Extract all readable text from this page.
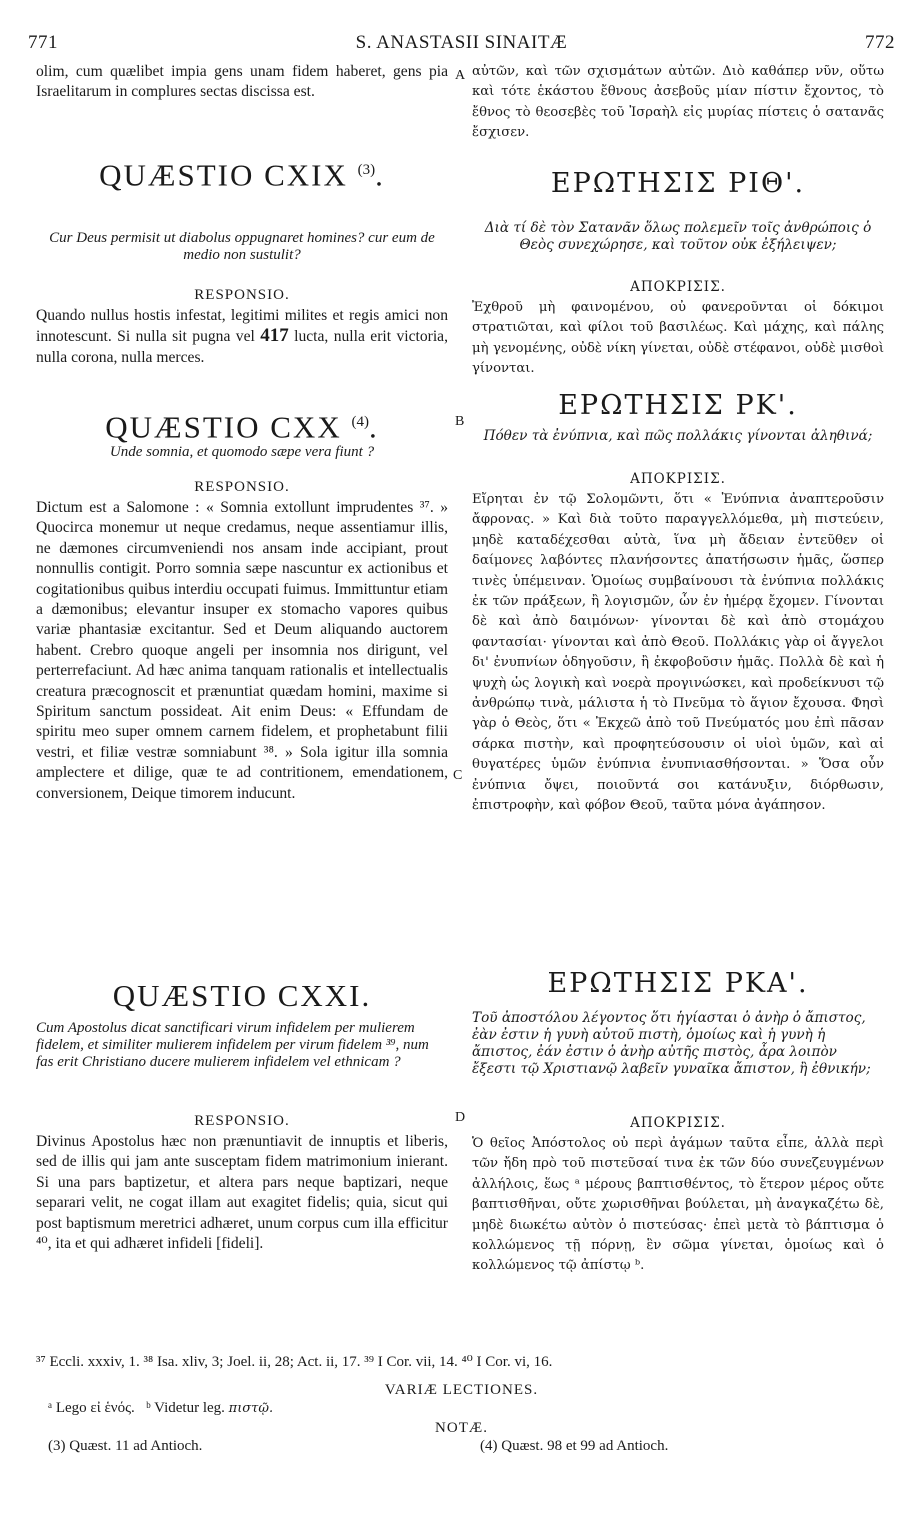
771	S. ANASTASII SINAITÆ	772

olim, cum quælibet impia gens unam fidem haberet, gens pia Israelitarum in complures sectas discissa est.

QUÆSTIO CXIX $^{(3)}$.

Cur Deus permisit ut diabolus oppugnaret homines? cur eum de medio non sustulit?

RESPONSIO.

Quando nullus hostis infestat, legitimi milites et regis amici non innotescunt. Si nulla sit pugna vel 417 lucta, nulla erit victoria, nulla corona, nulla merces.

QUÆSTIO CXX $^{(4)}$.

Unde somnia, et quomodo sæpe vera fiunt ?

RESPONSIO.

Dictum est a Salomone : « Somnia extollunt imprudentes ³⁷. » Quocirca monemur ut neque credamus, neque assentiamur illis, ne dæmones circumveniendi nos ansam inde accipiant, prout nonnullis contigit. Porro somnia sæpe nascuntur ex actionibus et cogitationibus quibus interdiu occupati fuimus. Immittuntur etiam a dæmonibus; elevantur insuper ex stomacho vapores quibus variæ phantasiæ excitantur. Sed et Deum aliquando auctorem habent. Crebro quoque angeli per insomnia nos dirigunt, vel perterrefaciunt. Ad hæc anima tanquam rationalis et intellectualis creatura præcognoscit et prænuntiat quædam homini, maxime si Spiritum sanctum possideat. Ait enim Deus: « Effundam de spiritu meo super omnem carnem fidelem, et prophetabunt filii vestri, et filiæ vestræ somniabunt ³⁸. » Sola igitur illa somnia amplectere et dilige, quæ te ad contritionem, emendationem, conversionem, Deique timorem inducunt.

QUÆSTIO CXXI.

Cum Apostolus dicat sanctificari virum infidelem per mulierem fidelem, et similiter mulierem infidelem per virum fidelem ³⁹, num fas erit Christiano ducere mulierem infidelem vel ethnicam ?

RESPONSIO.

Divinus Apostolus hæc non prænuntiavit de innuptis et liberis, sed de illis qui jam ante susceptam fidem matrimonium inierant. Si una pars baptizetur, et altera pars neque baptizari, neque separari velit, ne cogat illam aut exagitet fidelis; quia, sicut qui post baptismum meretrici adhæret, unum corpus cum illa efficitur ⁴⁰, ita et qui adhæret infideli [fideli].

αὐτῶν, καὶ τῶν σχισμάτων αὐτῶν. Διὸ καθάπερ νῦν, οὕτω καὶ τότε ἑκάστου ἔθνους ἀσεβοῦς μίαν πίστιν ἔχοντος, τὸ ἔθνος τὸ θεοσεβὲς τοῦ Ἰσραὴλ εἰς μυρίας πίστεις ὁ σατανᾶς ἔσχισεν.

ΕΡΩΤΗΣΙΣ ΡΙΘ'.

Διὰ τί δὲ τὸν Σατανᾶν ὅλως πολεμεῖν τοῖς ἀνθρώποις ὁ Θεὸς συνεχώρησε, καὶ τοῦτον οὐκ ἐξήλειψεν;

ΑΠΟΚΡΙΣΙΣ.

Ἐχθροῦ μὴ φαινομένου, οὐ φανεροῦνται οἱ δόκιμοι στρατιῶται, καὶ φίλοι τοῦ βασιλέως. Καὶ μάχης, καὶ πάλης μὴ γενομένης, οὐδὲ νίκη γίνεται, οὐδὲ στέφανοι, οὐδὲ μισθοὶ γίνονται.

ΕΡΩΤΗΣΙΣ ΡΚ'.

Πόθεν τὰ ἐνύπνια, καὶ πῶς πολλάκις γίνονται ἀληθινά;

ΑΠΟΚΡΙΣΙΣ.

Εἴρηται ἐν τῷ Σολομῶντι, ὅτι « Ἐνύπνια ἀναπτεροῦσιν ἄφρονας. » Καὶ διὰ τοῦτο παραγγελλόμεθα, μὴ πιστεύειν, μηδὲ καταδέχεσθαι αὐτὰ, ἵνα μὴ ἄδειαν ἐντεῦθεν οἱ δαίμονες λαβόντες πλανήσοντες ἀπατήσωσιν ἡμᾶς, ὥσπερ τινὲς ὑπέμειναν. Ὁμοίως συμβαίνουσι τὰ ἐνύπνια πολλάκις ἐκ τῶν πράξεων, ἢ λογισμῶν, ὧν ἐν ἡμέρᾳ ἔχομεν. Γίνονται δὲ καὶ ἀπὸ δαιμόνων· γίνονται δὲ καὶ ἀπὸ στομάχου φαντασίαι· γίνονται καὶ ἀπὸ Θεοῦ. Πολλάκις γὰρ οἱ ἄγγελοι δι' ἐνυπνίων ὁδηγοῦσιν, ἢ ἐκφοβοῦσιν ἡμᾶς. Πολλὰ δὲ καὶ ἡ ψυχὴ ὡς λογικὴ καὶ νοερὰ προγινώσκει, καὶ προδείκνυσι τῷ ἀνθρώπῳ τινὰ, μάλιστα ἡ τὸ Πνεῦμα τὸ ἅγιον ἔχουσα. Φησὶ γὰρ ὁ Θεὸς, ὅτι « Ἐκχεῶ ἀπὸ τοῦ Πνεύματός μου ἐπὶ πᾶσαν σάρκα πιστὴν, καὶ προφητεύσουσιν οἱ υἱοὶ ὑμῶν, καὶ αἱ θυγατέρες ὑμῶν ἐνύπνια ἐνυπνιασθήσονται. » Ὅσα οὖν ἐνύπνια ὄψει, ποιοῦντά σοι κατάνυξιν, διόρθωσιν, ἐπιστροφὴν, καὶ φόβον Θεοῦ, ταῦτα μόνα ἀγάπησον.

ΕΡΩΤΗΣΙΣ ΡΚΑ'.

Τοῦ ἀποστόλου λέγοντος ὅτι ἡγίασται ὁ ἀνὴρ ὁ ἄπιστος, ἐὰν ἐστιν ἡ γυνὴ αὐτοῦ πιστὴ, ὁμοίως καὶ ἡ γυνὴ ἡ ἄπιστος, ἐάν ἐστιν ὁ ἀνὴρ αὐτῆς πιστὸς, ἆρα λοιπὸν ἔξεστι τῷ Χριστιανῷ λαβεῖν γυναῖκα ἄπιστον, ἢ ἐθνικήν;

ΑΠΟΚΡΙΣΙΣ.

Ὁ θεῖος Ἀπόστολος οὐ περὶ ἀγάμων ταῦτα εἶπε, ἀλλὰ περὶ τῶν ἤδη πρὸ τοῦ πιστεῦσαί τινα ἐκ τῶν δύο συνεζευγμένων ἀλλήλοις, ἕως ᵃ μέρους βαπτισθέντος, τὸ ἕτερον μέρος οὔτε βαπτισθῆναι, οὔτε χωρισθῆναι βούλεται, μὴ ἀναγκαζέτω δὲ, μηδὲ διωκέτω αὐτὸν ὁ πιστεύσας· ἐπεὶ μετὰ τὸ βάπτισμα ὁ κολλώμενος τῇ πόρνῃ, ἓν σῶμα γίνεται, ὁμοίως καὶ ὁ κολλώμενος τῷ ἀπίστῳ ᵇ.

A
B
C
D
³⁷ Eccli. xxxiv, 1. ³⁸ Isa. xliv, 3; Joel. ii, 28; Act. ii, 17. ³⁹ I Cor. vii, 14. ⁴⁰ I Cor. vi, 16.
VARIÆ LECTIONES.
ᵃ Lego εἰ ἑνός. ᵇ Videtur leg. πιστῷ.
NOTÆ.
(3) Quæst. 11 ad Antioch.	(4) Quæst. 98 et 99 ad Antioch.
